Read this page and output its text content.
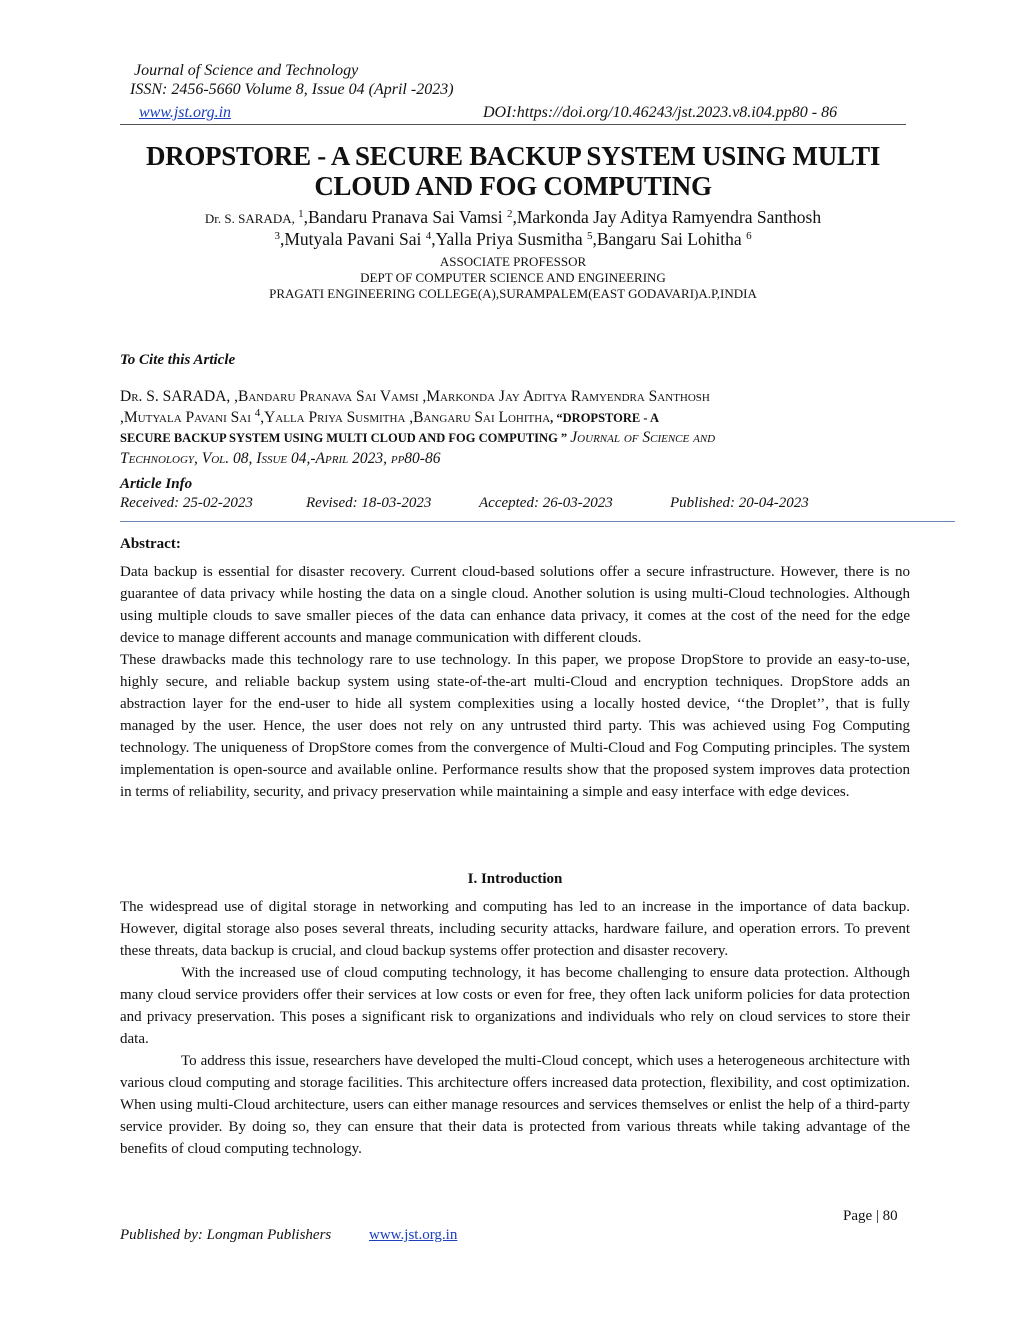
Journal of Science and Technology
ISSN: 2456-5660 Volume 8, Issue 04 (April -2023)
www.jst.org.in	DOI:https://doi.org/10.46243/jst.2023.v8.i04.pp80 - 86
DROPSTORE - A SECURE BACKUP SYSTEM USING MULTI
CLOUD AND FOG COMPUTING
Dr. S. SARADA, $^1$,Bandaru Pranava Sai Vamsi $^2$,Markonda Jay Aditya Ramyendra Santhosh
$^3$,Mutyala Pavani Sai $^4$,Yalla Priya Susmitha $^5$,Bangaru Sai Lohitha $^6$
ASSOCIATE PROFESSOR
DEPT OF COMPUTER SCIENCE AND ENGINEERING
PRAGATI ENGINEERING COLLEGE(A),SURAMPALEM(EAST GODAVARI)A.P,INDIA
To Cite this Article
Dr. S. SARADA, ,Bandaru Pranava Sai Vamsi ,Markonda Jay Aditya Ramyendra Santhosh
,Mutyala Pavani Sai $^4$,Yalla Priya Susmitha ,Bangaru Sai Lohitha, “DROPSTORE - A
SECURE BACKUP SYSTEM USING MULTI CLOUD AND FOG COMPUTING ” Journal of Science and
Technology, Vol. 08, Issue 04,-April 2023, pp80-86
Article Info
Received: 25-02-2023	Revised: 18-03-2023	Accepted: 26-03-2023	Published: 20-04-2023
Abstract:

Data backup is essential for disaster recovery. Current cloud-based solutions offer a secure infrastructure. However, there is no guarantee of data privacy while hosting the data on a single cloud. Another solution is using multi-Cloud technologies. Although using multiple clouds to save smaller pieces of the data can enhance data privacy, it comes at the cost of the need for the edge device to manage different accounts and manage communication with different clouds.

These drawbacks made this technology rare to use technology. In this paper, we propose DropStore to provide an easy-to-use, highly secure, and reliable backup system using state-of-the-art multi-Cloud and encryption techniques. DropStore adds an abstraction layer for the end-user to hide all system complexities using a locally hosted device, ‘‘the Droplet’’, that is fully managed by the user. Hence, the user does not rely on any untrusted third party. This was achieved using Fog Computing technology. The uniqueness of DropStore comes from the convergence of Multi-Cloud and Fog Computing principles. The system implementation is open-source and available online. Performance results show that the proposed system improves data protection in terms of reliability, security, and privacy preservation while maintaining a simple and easy interface with edge devices.

I. Introduction

The widespread use of digital storage in networking and computing has led to an increase in the importance of data backup. However, digital storage also poses several threats, including security attacks, hardware failure, and operation errors. To prevent these threats, data backup is crucial, and cloud backup systems offer protection and disaster recovery.

With the increased use of cloud computing technology, it has become challenging to ensure data protection. Although many cloud service providers offer their services at low costs or even for free, they often lack uniform policies for data protection and privacy preservation. This poses a significant risk to organizations and individuals who rely on cloud services to store their data.

To address this issue, researchers have developed the multi-Cloud concept, which uses a heterogeneous architecture with various cloud computing and storage facilities. This architecture offers increased data protection, flexibility, and cost optimization. When using multi-Cloud architecture, users can either manage resources and services themselves or enlist the help of a third-party service provider. By doing so, they can ensure that their data is protected from various threats while taking advantage of the benefits of cloud computing technology.

Page | 80
Published by: Longman Publishers	www.jst.org.in
